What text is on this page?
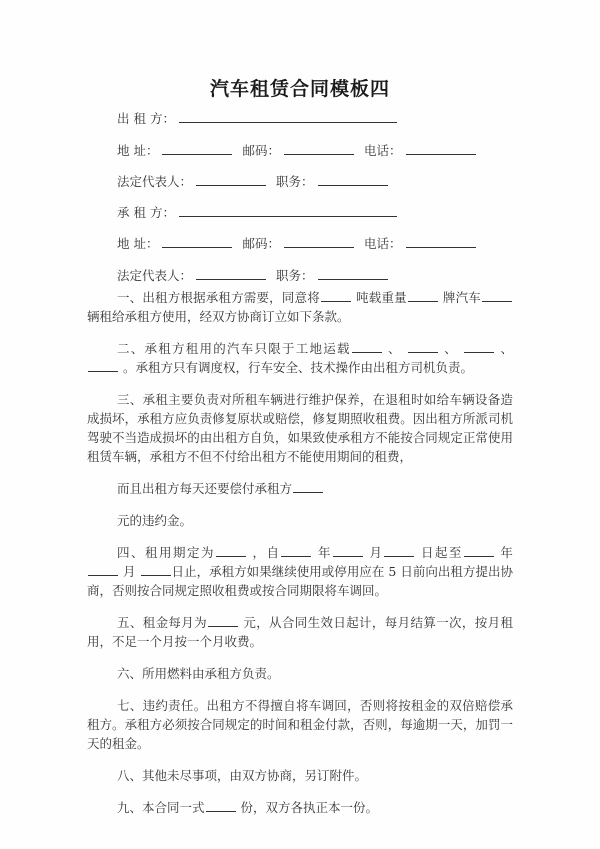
汽车租赁合同模板四
出 租 方：
地 址：	邮码：	电话：
法定代表人：	职务：
承 租 方：
地 址：	邮码：	电话：
法定代表人：	职务：

一、出租方根据承租方需要，同意将	吨载重量	牌汽车 辆租给承租方使用，经双方协商订立如下条款。

二、承租方租用的汽车只限于工地运载	、	、	、  。承租方只有调度权，行车安全、技术操作由出租方司机负责。

三、承租主要负责对所租车辆进行维护保养，在退租时如给车辆设备造成损坏，承租方应负责修复原状或赔偿，修复期照收租费。因出租方所派司机驾驶不当造成损坏的由出租方自负，如果致使承租方不能按合同规定正常使用租赁车辆，承租方不但不付给出租方不能使用期间的租费，

而且出租方每天还要偿付承租方

元的违约金。

四、租用期定为	，自	年	月	日起至	年 月	日止，承租方如果继续使用或停用应在 5 日前向出租方提出协商，否则按合同规定照收租费或按合同期限将车调回。

五、租金每月为	元，从合同生效日起计，每月结算一次，按月租用，不足一个月按一个月收费。

六、所用燃料由承租方负责。

七、违约责任。出租方不得擅自将车调回，否则将按租金的双倍赔偿承租方。承租方必须按合同规定的时间和租金付款，否则，每逾期一天，加罚一天的租金。

八、其他未尽事项，由双方协商，另订附件。

九、本合同一式	份，双方各执正本一份。
